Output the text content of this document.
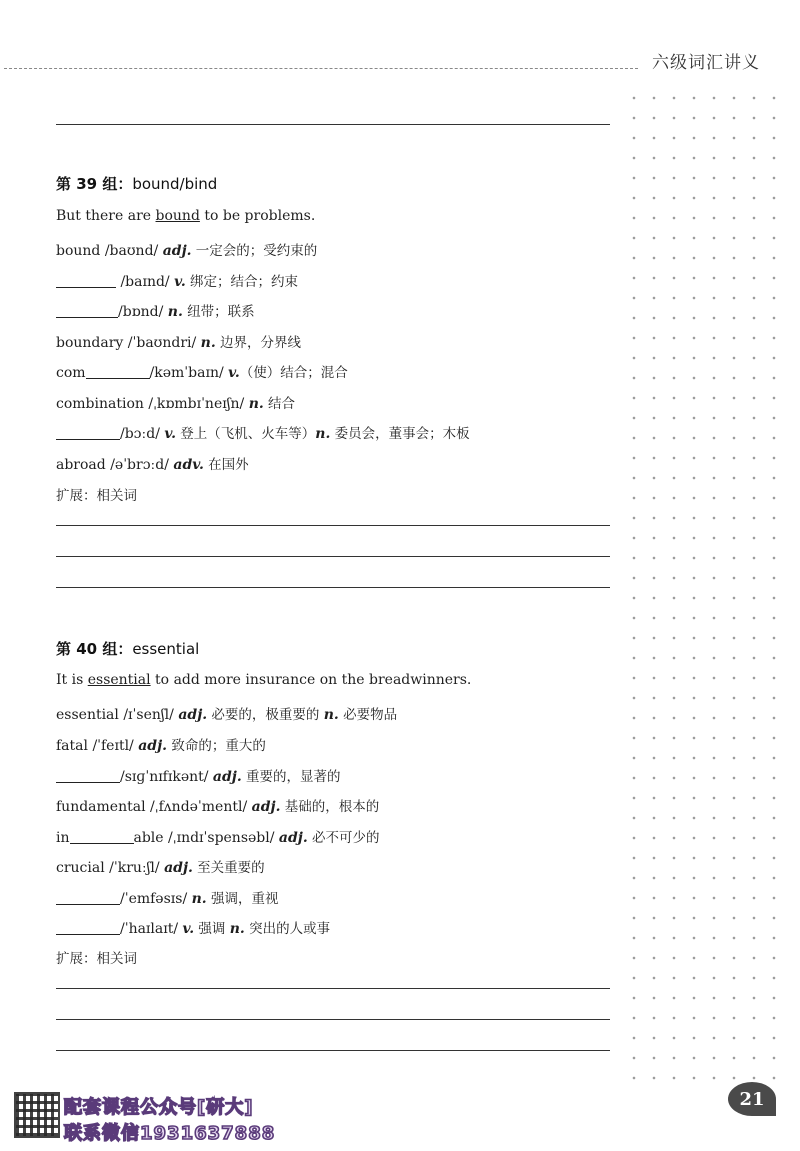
六级词汇讲义
第 39 组：bound/bind
But there are bound to be problems.
bound /baʊnd/ adj. 一定会的；受约束的
/baɪnd/ v. 绑定；结合；约束
/bɒnd/ n. 纽带；联系
boundary /ˈbaʊndri/ n. 边界，分界线
com	/kəmˈbaɪn/ v.（使）结合；混合
combination /ˌkɒmbɪˈneɪʃn/ n. 结合
/bɔːd/ v. 登上（飞机、火车等）n. 委员会，董事会；木板
abroad /əˈbrɔːd/ adv. 在国外
扩展：相关词
第 40 组：essential
It is essential to add more insurance on the breadwinners.
essential /ɪˈsenʃl/ adj. 必要的，极重要的 n. 必要物品
fatal /ˈfeɪtl/ adj. 致命的；重大的
/sɪɡˈnɪfɪkənt/ adj. 重要的，显著的
fundamental /ˌfʌndəˈmentl/ adj. 基础的，根本的
in	able /ˌɪndɪˈspensəbl/ adj. 必不可少的
crucial /ˈkruːʃl/ adj. 至关重要的
/ˈemfəsɪs/ n. 强调，重视
/ˈhaɪlaɪt/ v. 强调 n. 突出的人或事
扩展：相关词
配套课程公众号[研大]
联系微信1931637888
21
